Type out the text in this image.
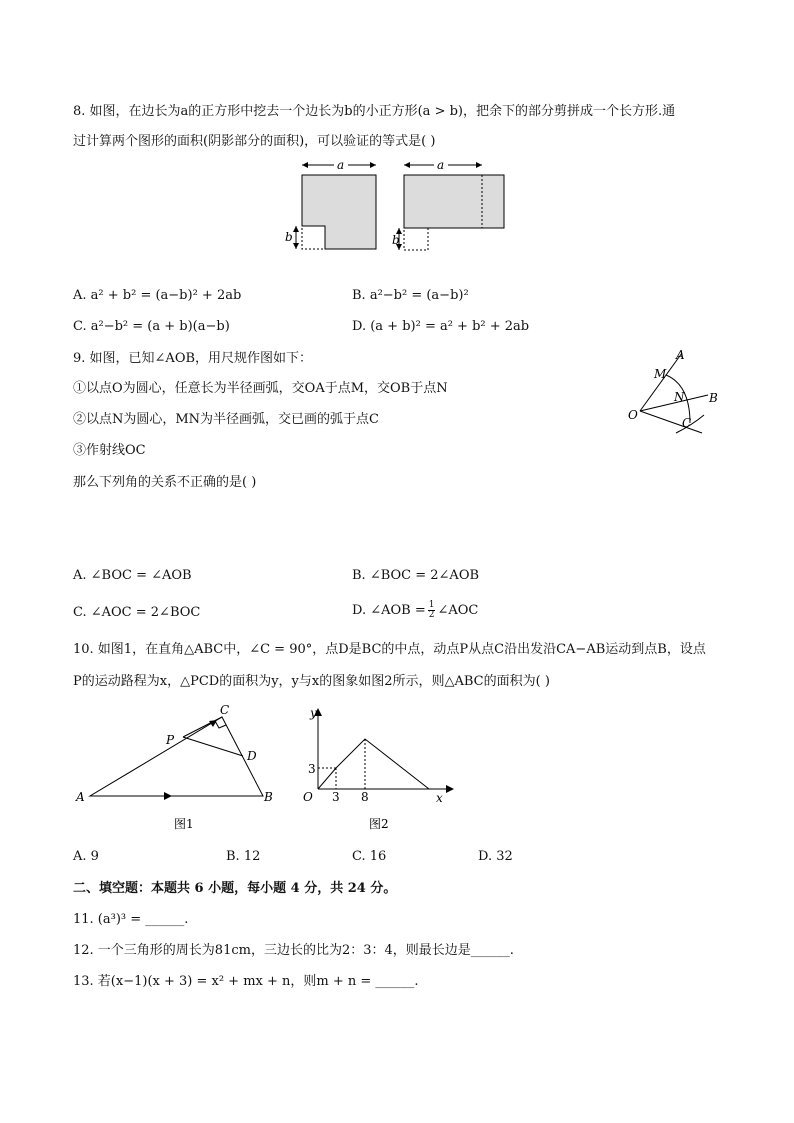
8. 如图，在边长为a的正方形中挖去一个边长为b的小正方形(a > b)，把余下的部分剪拼成一个长方形.通
过计算两个图形的面积(阴影部分的面积)，可以验证的等式是( )
a
b
a
b
A. a² + b² = (a−b)² + 2ab	B. a²−b² = (a−b)²
C. a²−b² = (a + b)(a−b)	D. (a + b)² = a² + b² + 2ab
9. 如图，已知∠AOB，用尺规作图如下：
①以点O为圆心，任意长为半径画弧，交OA于点M，交OB于点N
②以点N为圆心，MN为半径画弧，交已画的弧于点C
③作射线OC
那么下列角的关系不正确的是( )
A
M
N B
O
C
A. ∠BOC = ∠AOB	B. ∠BOC = 2∠AOB
C. ∠AOC = 2∠BOC	D. ∠AOB = $\frac{1}{2}$ ∠AOC
10. 如图1，在直角△ABC中，∠C = 90°，点D是BC的中点，动点P从点C沿出发沿CA−AB运动到点B，设点
P的运动路程为x，△PCD的面积为y，y与x的图象如图2所示，则△ABC的面积为( )
A	B
C
D
P
图1
y
x
O 3 8
3
图2
A. 9	B. 12	C. 16	D. 32
二、填空题：本题共 6 小题，每小题 4 分，共 24 分。
11. (a³)³ = ______.
12. 一个三角形的周长为81cm，三边长的比为2：3：4，则最长边是______.
13. 若(x−1)(x + 3) = x² + mx + n，则m + n = ______.
